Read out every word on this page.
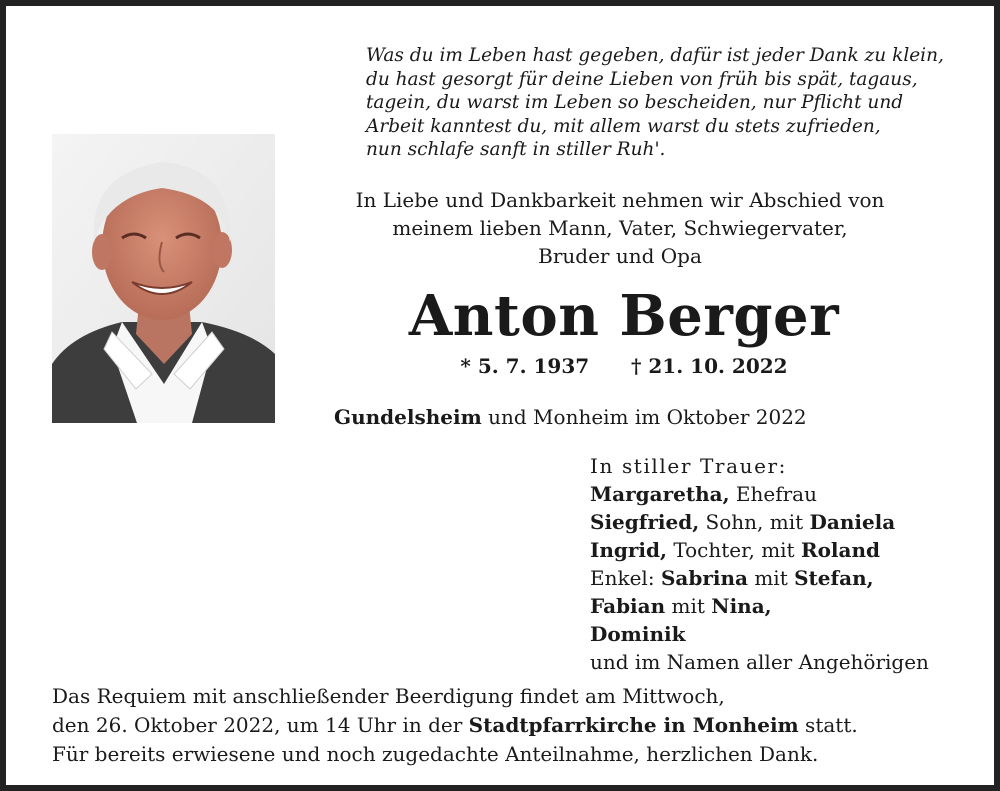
Was du im Leben hast gegeben, dafür ist jeder Dank zu klein,
du hast gesorgt für deine Lieben von früh bis spät, tagaus,
tagein, du warst im Leben so bescheiden, nur Pflicht und
Arbeit kanntest du, mit allem warst du stets zufrieden,
nun schlafe sanft in stiller Ruh'.
In Liebe und Dankbarkeit nehmen wir Abschied von
meinem lieben Mann, Vater, Schwiegervater,
Bruder und Opa
Anton Berger
* 5. 7. 1937 † 21. 10. 2022
Gundelsheim und Monheim im Oktober 2022
In stiller Trauer:
Margaretha, Ehefrau
Siegfried, Sohn, mit Daniela
Ingrid, Tochter, mit Roland
Enkel: Sabrina mit Stefan,
Fabian mit Nina,
Dominik
und im Namen aller Angehörigen
Das Requiem mit anschließender Beerdigung findet am Mittwoch,
den 26. Oktober 2022, um 14 Uhr in der Stadtpfarrkirche in Monheim statt.
Für bereits erwiesene und noch zugedachte Anteilnahme, herzlichen Dank.
